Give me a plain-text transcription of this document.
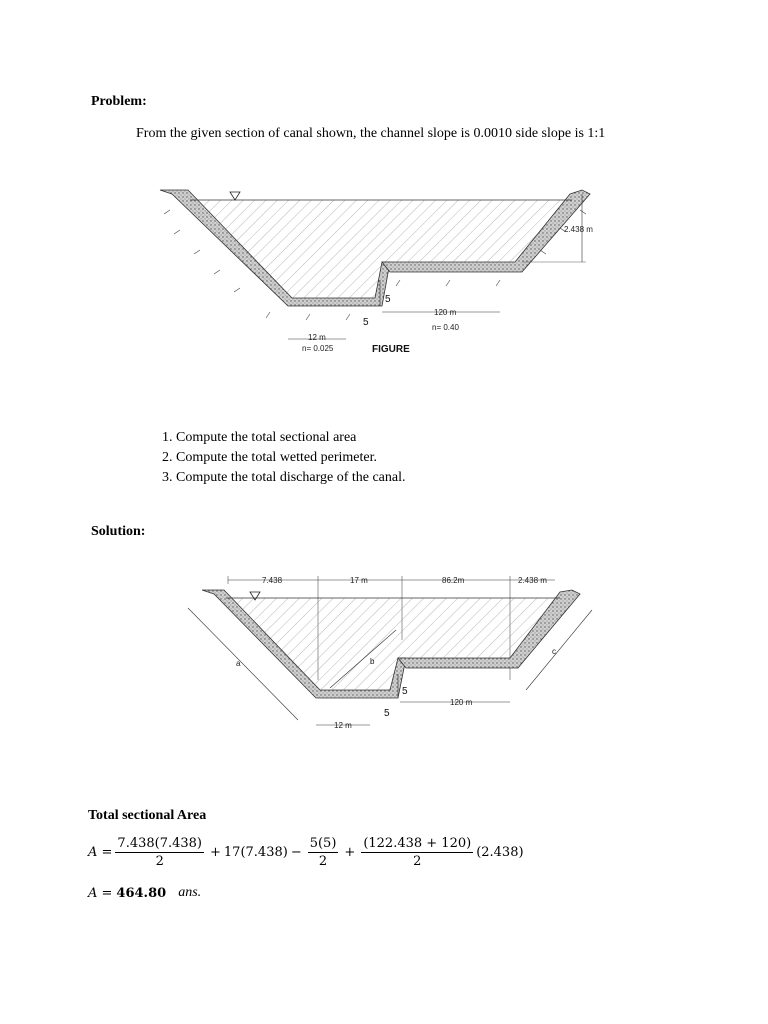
Problem:
From the given section of canal shown, the channel slope is 0.0010 side slope is 1:1
2.438 m
5
5
120 m
n= 0.40
12 m
n= 0.025	FIGURE
1. Compute the total sectional area
2. Compute the total wetted perimeter.
3. Compute the total discharge of the canal.
Solution:
7.438	17 m	86.2m	2.438 m
a	b
c
5
5
120 m
12 m
Total sectional Area
$A = \frac{7.438(7.438)}{2} + 17(7.438) - \frac{5(5)}{2} + \frac{(122.438 + 120)}{2} (2.438)$
A = 464.80 ans.
